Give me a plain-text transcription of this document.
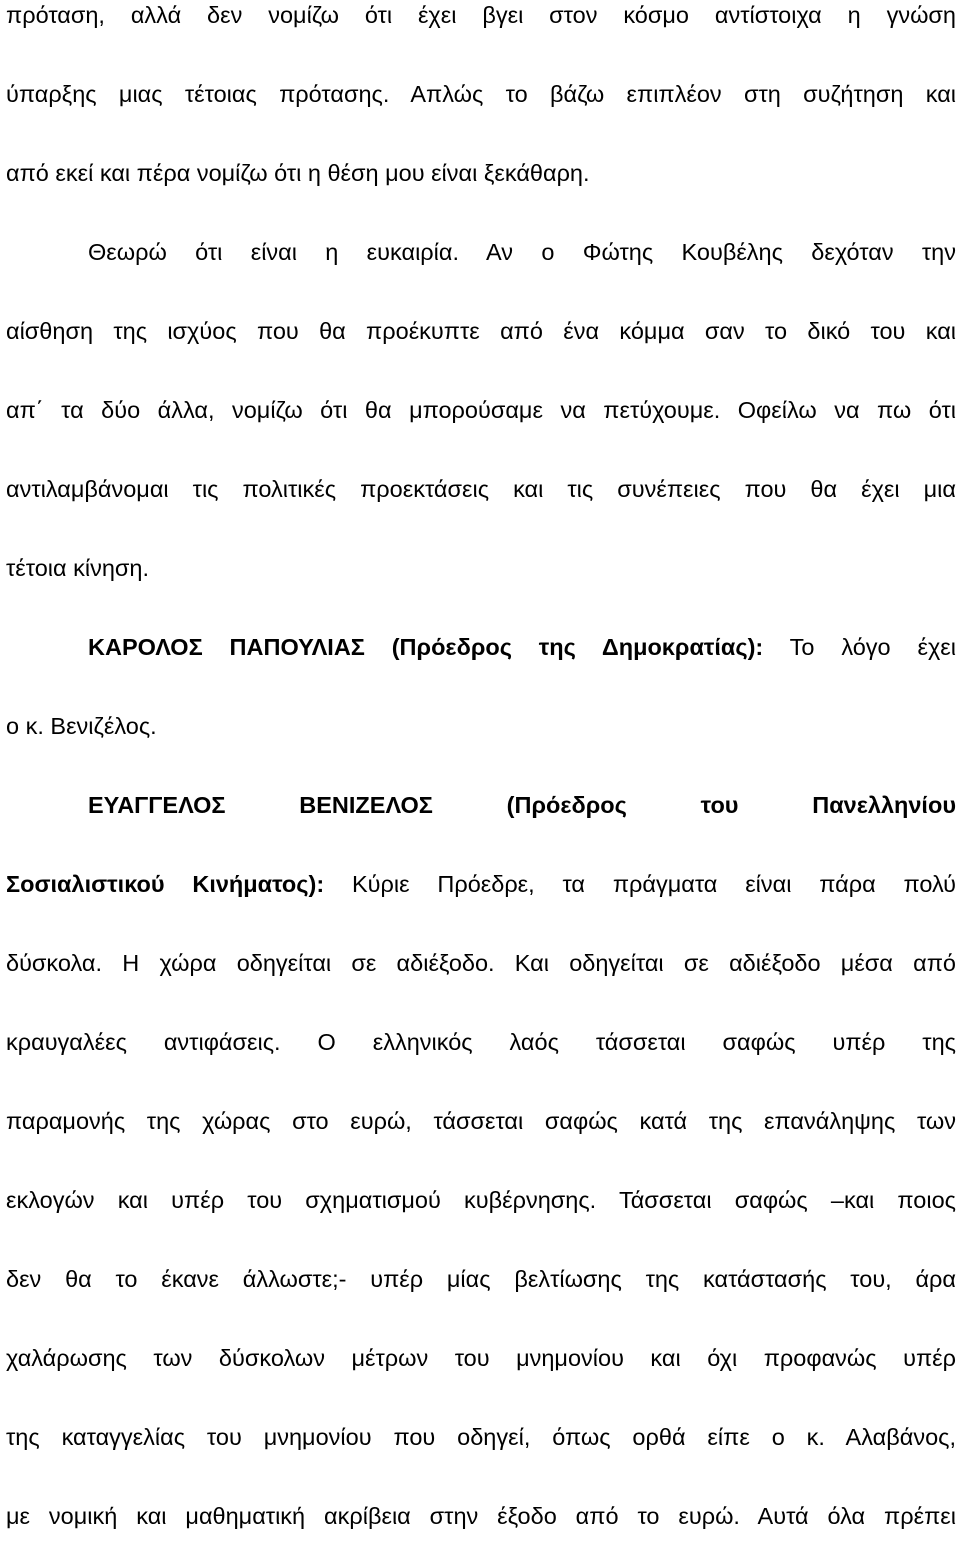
πρόταση, αλλά δεν νομίζω ότι έχει βγει στον κόσμο αντίστοιχα η γνώση
ύπαρξης μιας τέτοιας πρότασης. Απλώς το βάζω επιπλέον στη συζήτηση και
από εκεί και πέρα νομίζω ότι η θέση μου είναι ξεκάθαρη.
Θεωρώ ότι είναι η ευκαιρία. Αν ο Φώτης Κουβέλης δεχόταν την
αίσθηση της ισχύος που θα προέκυπτε από ένα κόμμα σαν το δικό του και
απ΄ τα δύο άλλα, νομίζω ότι θα μπορούσαμε να πετύχουμε. Οφείλω να πω ότι
αντιλαμβάνομαι τις πολιτικές προεκτάσεις και τις συνέπειες που θα έχει μια
τέτοια κίνηση.
ΚΑΡΟΛΟΣ ΠΑΠΟΥΛΙΑΣ (Πρόεδρος της Δημοκρατίας): Το λόγο έχει
ο κ. Βενιζέλος.
ΕΥΑΓΓΕΛΟΣ ΒΕΝΙΖΕΛΟΣ (Πρόεδρος του Πανελληνίου
Σοσιαλιστικού Κινήματος): Κύριε Πρόεδρε, τα πράγματα είναι πάρα πολύ
δύσκολα. Η χώρα οδηγείται σε αδιέξοδο. Και οδηγείται σε αδιέξοδο μέσα από
κραυγαλέες αντιφάσεις. Ο ελληνικός λαός τάσσεται σαφώς υπέρ της
παραμονής της χώρας στο ευρώ, τάσσεται σαφώς κατά της επανάληψης των
εκλογών και υπέρ του σχηματισμού κυβέρνησης. Τάσσεται σαφώς –και ποιος
δεν θα το έκανε άλλωστε;- υπέρ μίας βελτίωσης της κατάστασής του, άρα
χαλάρωσης των δύσκολων μέτρων του μνημονίου και όχι προφανώς υπέρ
της καταγγελίας του μνημονίου που οδηγεί, όπως ορθά είπε ο κ. Αλαβάνος,
με νομική και μαθηματική ακρίβεια στην έξοδο από το ευρώ. Αυτά όλα πρέπει
